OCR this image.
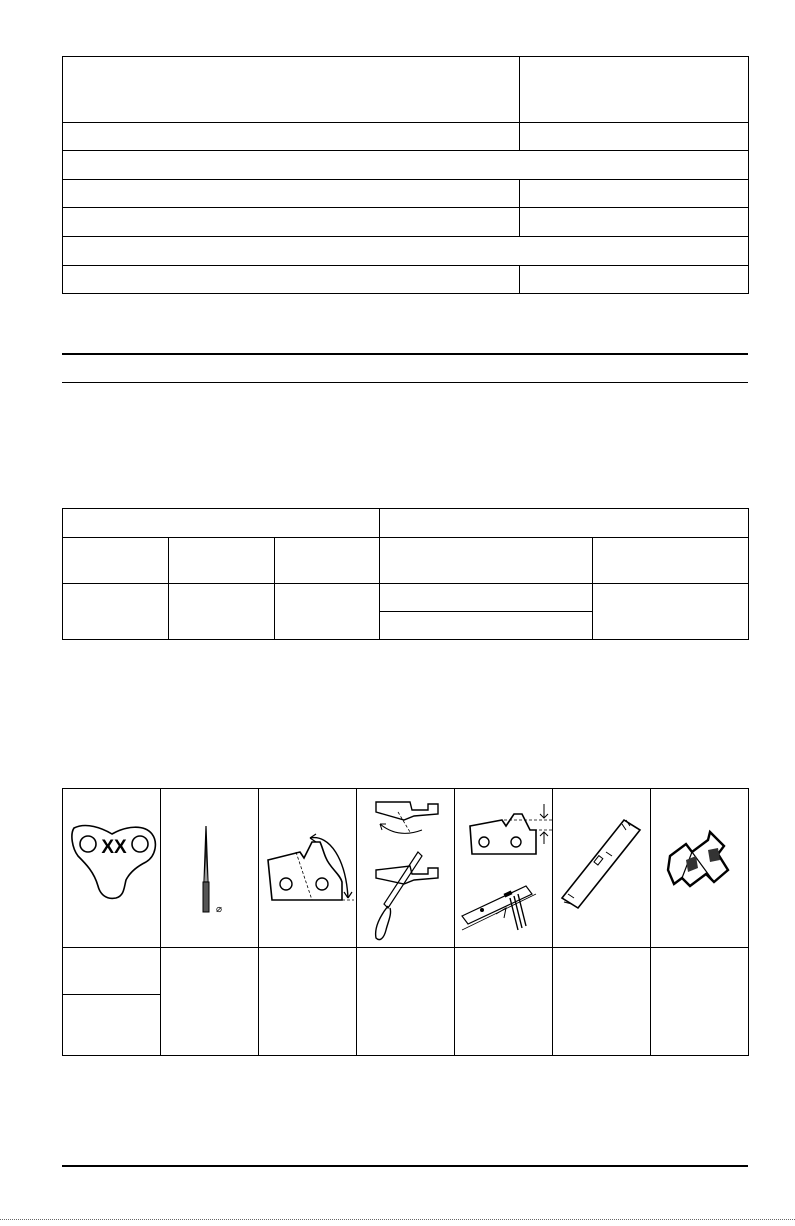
XX	⌀
